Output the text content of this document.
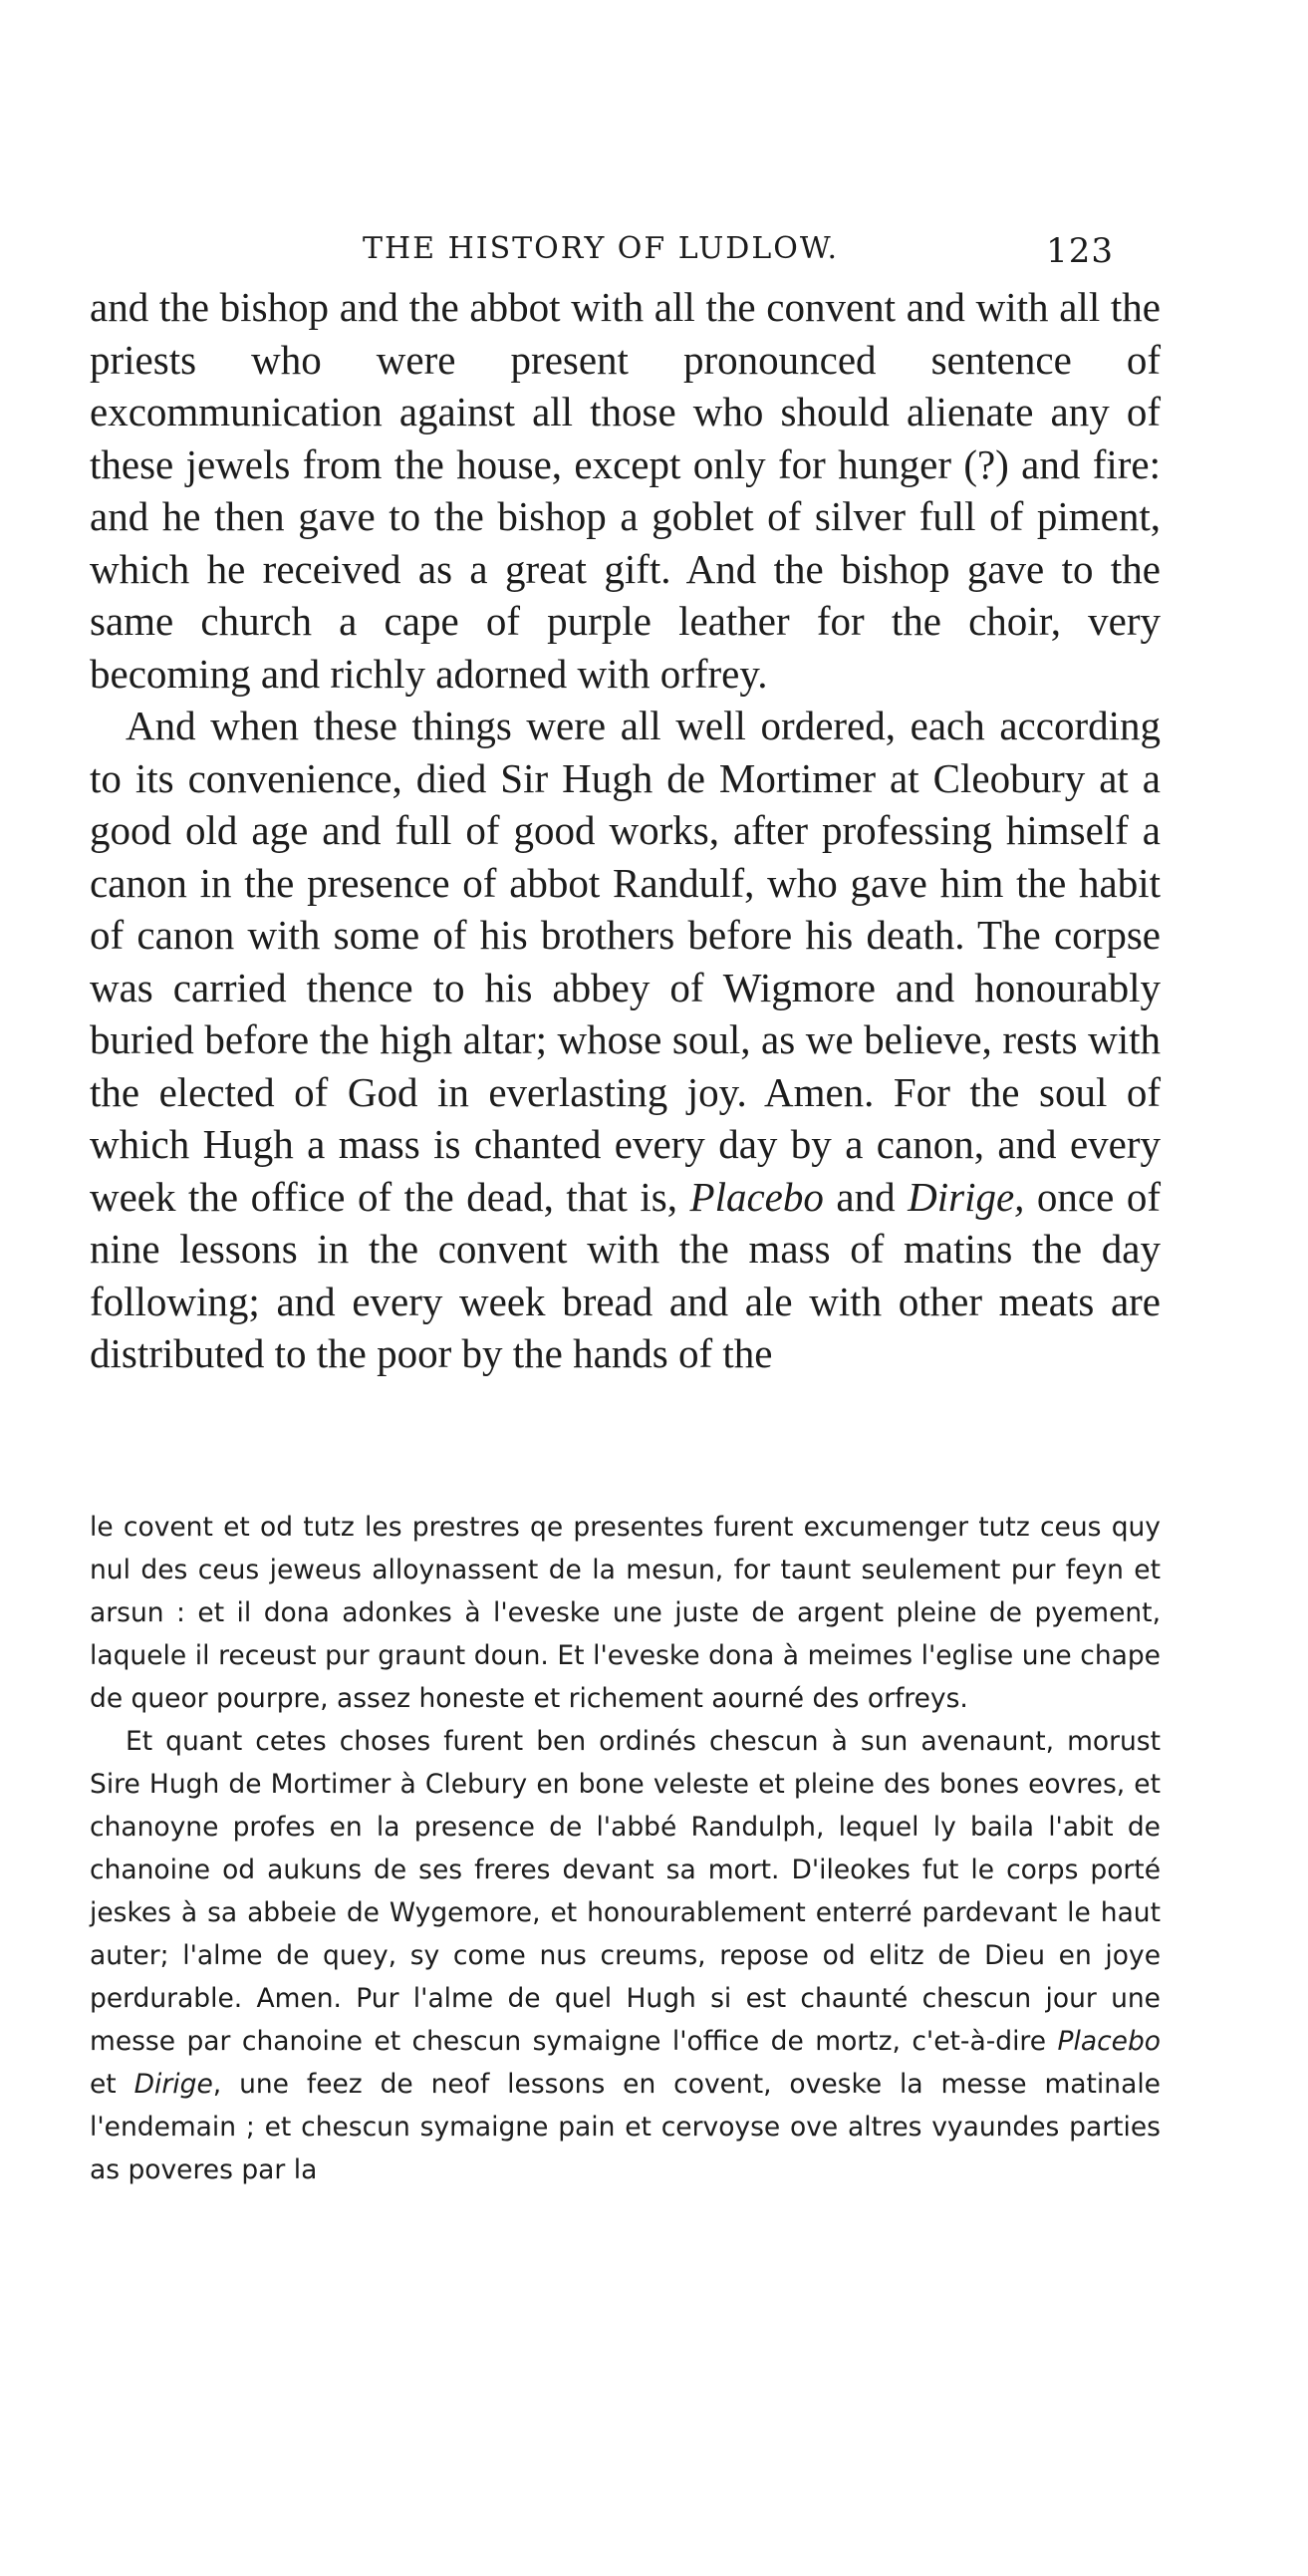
THE HISTORY OF LUDLOW.	123

and the bishop and the abbot with all the convent and with all the priests who were present pronounced sentence of excommunication against all those who should alienate any of these jewels from the house, except only for hunger (?) and fire: and he then gave to the bishop a goblet of silver full of piment, which he received as a great gift. And the bishop gave to the same church a cape of purple leather for the choir, very becoming and richly adorned with orfrey.

And when these things were all well ordered, each according to its convenience, died Sir Hugh de Mortimer at Cleobury at a good old age and full of good works, after professing himself a canon in the presence of abbot Randulf, who gave him the habit of canon with some of his brothers before his death. The corpse was carried thence to his abbey of Wigmore and honourably buried before the high altar; whose soul, as we believe, rests with the elected of God in everlasting joy. Amen. For the soul of which Hugh a mass is chanted every day by a canon, and every week the office of the dead, that is, Placebo and Dirige, once of nine lessons in the convent with the mass of matins the day following; and every week bread and ale with other meats are distributed to the poor by the hands of the

le covent et od tutz les prestres qe presentes furent excumenger tutz ceus quy nul des ceus jeweus alloynassent de la mesun, for taunt seulement pur feyn et arsun : et il dona adonkes à l'eveske une juste de argent pleine de pyement, laquele il receust pur graunt doun. Et l'eveske dona à meimes l'eglise une chape de queor pourpre, assez honeste et richement aourné des orfreys.

Et quant cetes choses furent ben ordinés chescun à sun avenaunt, morust Sire Hugh de Mortimer à Clebury en bone veleste et pleine des bones eovres, et chanoyne profes en la presence de l'abbé Randulph, lequel ly baila l'abit de chanoine od aukuns de ses freres devant sa mort. D'ileokes fut le corps porté jeskes à sa abbeie de Wygemore, et honourablement enterré pardevant le haut auter; l'alme de quey, sy come nus creums, repose od elitz de Dieu en joye perdurable. Amen. Pur l'alme de quel Hugh si est chaunté chescun jour une messe par chanoine et chescun symaigne l'office de mortz, c'et-à-dire Placebo et Dirige, une feez de neof lessons en covent, oveske la messe matinale l'endemain ; et chescun symaigne pain et cervoyse ove altres vyaundes parties as poveres par la
